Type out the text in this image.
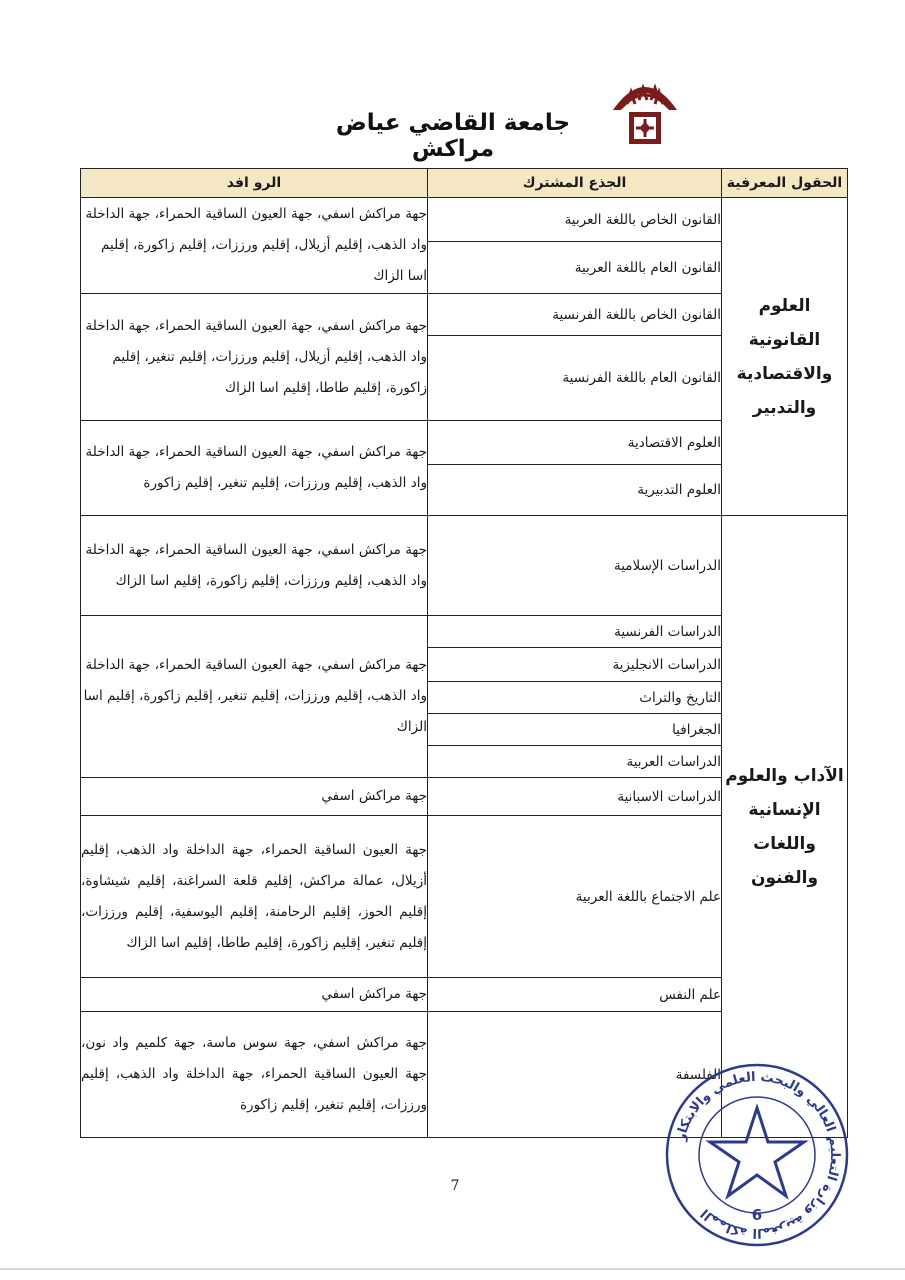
جامعة القاضي عياض مراكش
الحقول المعرفية	الجذع المشترك	الرو افد
العلوم القانونية والاقتصادية والتدبير	القانون الخاص باللغة العربية	جهة مراكش اسفي، جهة العيون الساقية الحمراء، جهة الداخلة واد الذهب، إقليم أزيلال، إقليم ورززات، إقليم زاكورة، إقليم اسا الزاك
	القانون العام باللغة العربية	
	القانون الخاص باللغة الفرنسية	جهة مراكش اسفي، جهة العيون الساقية الحمراء، جهة الداخلة واد الذهب، إقليم أزيلال، إقليم ورززات، إقليم تنغير، إقليم زاكورة، إقليم طاطا، إقليم اسا الزاك
	القانون العام باللغة الفرنسية	
	العلوم الاقتصادية	جهة مراكش اسفي، جهة العيون الساقية الحمراء، جهة الداخلة واد الذهب، إقليم ورززات، إقليم تنغير، إقليم زاكورة
	العلوم التدبيرية	
الآداب والعلوم الإنسانية واللغات والفنون	الدراسات الإسلامية	جهة مراكش اسفي، جهة العيون الساقية الحمراء، جهة الداخلة واد الذهب، إقليم ورززات، إقليم زاكورة، إقليم اسا الزاك
	الدراسات الفرنسية	جهة مراكش اسفي، جهة العيون الساقية الحمراء، جهة الداخلة واد الذهب، إقليم ورززات، إقليم تنغير، إقليم زاكورة، إقليم اسا الزاك
	الدراسات الانجليزية	
	التاريخ والتراث	
	الجغرافيا	
	الدراسات العربية	
	الدراسات الاسبانية	جهة مراكش اسفي
	علم الاجتماع باللغة العربية	جهة العيون الساقية الحمراء، جهة الداخلة واد الذهب، إقليم أزيلال، عمالة مراكش، إقليم قلعة السراغنة، إقليم شيشاوة، إقليم الحوز، إقليم الرحامنة، إقليم اليوسفية، إقليم ورززات، إقليم تنغير، إقليم زاكورة، إقليم طاطا، إقليم اسا الزاك
	علم النفس	جهة مراكش اسفي
	الفلسفة	جهة مراكش اسفي، جهة سوس ماسة، جهة كلميم واد نون، جهة العيون الساقية الحمراء، جهة الداخلة واد الذهب، إقليم ورززات، إقليم تنغير، إقليم زاكورة
المملكة المغربية وزارة التعليم العالي والبحث العلمي والابتكار	6
7
